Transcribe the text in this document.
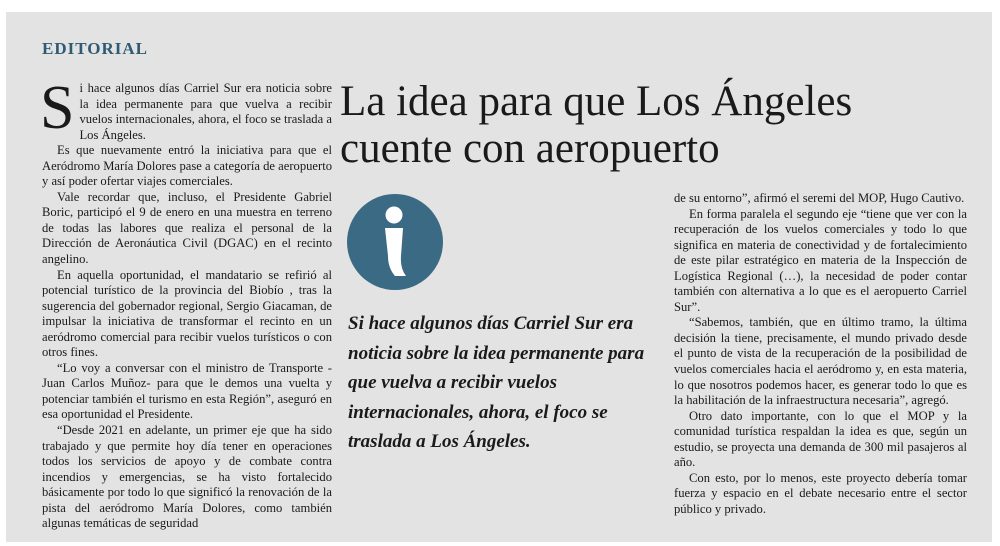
EDITORIAL

Si hace algunos días Carriel Sur era noticia sobre la idea permanente para que vuelva a recibir vuelos internacionales, ahora, el foco se traslada a Los Ángeles.

Es que nuevamente entró la iniciativa para que el Aeródromo María Dolores pase a categoría de aeropuerto y así poder ofertar viajes comerciales.

Vale recordar que, incluso, el Presidente Gabriel Boric, participó el 9 de enero en una muestra en terreno de todas las labores que realiza el personal de la Dirección de Aeronáutica Civil (DGAC) en el recinto angelino.

En aquella oportunidad, el mandatario se refirió al potencial turístico de la provincia del Biobío , tras la sugerencia del gobernador regional, Sergio Giacaman, de impulsar la iniciativa de transformar el recinto en un aeródromo comercial para recibir vuelos turísticos o con otros fines.

“Lo voy a conversar con el ministro de Transporte -Juan Carlos Muñoz- para que le demos una vuelta y potenciar también el turismo en esta Región”, aseguró en esa oportunidad el Presidente.

“Desde 2021 en adelante, un primer eje que ha sido trabajado y que permite hoy día tener en operaciones todos los servicios de apoyo y de combate contra incendios y emergencias, se ha visto fortalecido básicamente por todo lo que significó la renovación de la pista del aeródromo María Dolores, como también algunas temáticas de seguridad

La idea para que Los Ángeles cuente con aeropuerto

Si hace algunos días Carriel Sur era noticia sobre la idea permanente para que vuelva a recibir vuelos internacionales, ahora, el foco se traslada a Los Ángeles.

de su entorno”, afirmó el seremi del MOP, Hugo Cautivo.

En forma paralela el segundo eje “tiene que ver con la recuperación de los vuelos comerciales y todo lo que significa en materia de conectividad y de fortalecimiento de este pilar estratégico en materia de la Inspección de Logística Regional (…), la necesidad de poder contar también con alternativa a lo que es el aeropuerto Carriel Sur”.

“Sabemos, también, que en último tramo, la última decisión la tiene, precisamente, el mundo privado desde el punto de vista de la recuperación de la posibilidad de vuelos comerciales hacia el aeródromo y, en esta materia, lo que nosotros podemos hacer, es generar todo lo que es la habilitación de la infraestructura necesaria”, agregó.

Otro dato importante, con lo que el MOP y la comunidad turística respaldan la idea es que, según un estudio, se proyecta una demanda de 300 mil pasajeros al año.

Con esto, por lo menos, este proyecto debería tomar fuerza y espacio en el debate necesario entre el sector público y privado.
